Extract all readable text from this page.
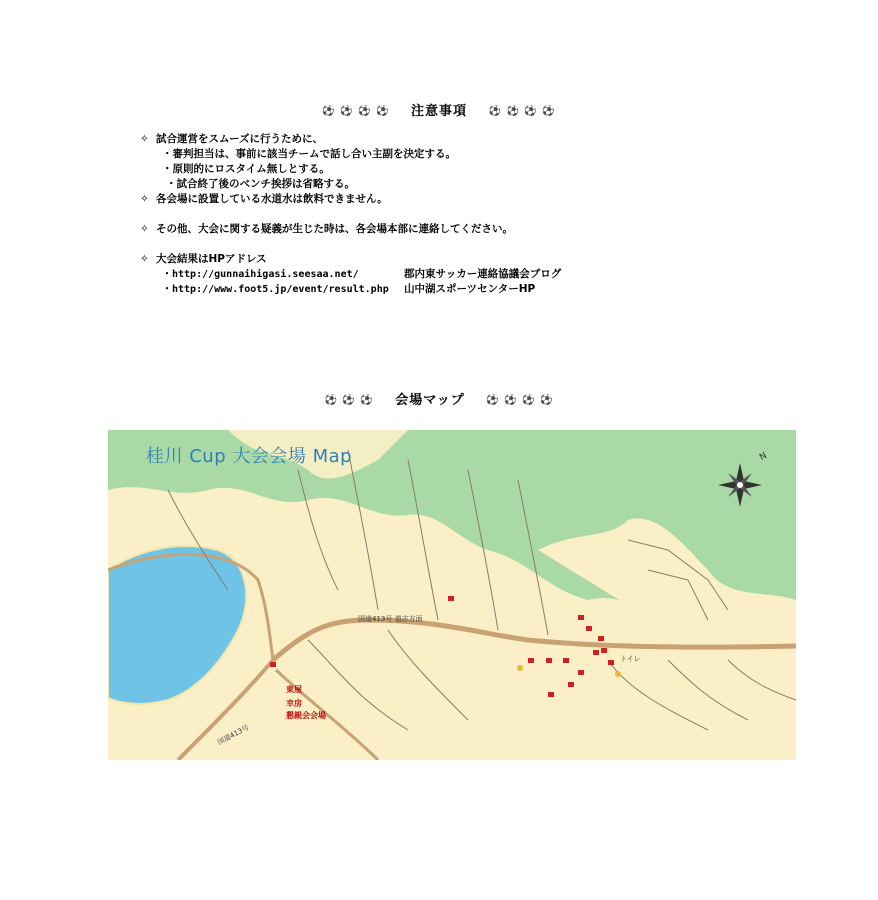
⚽ ⚽ ⚽ ⚽ 注意事項 ⚽ ⚽ ⚽ ⚽
✧ 試合運営をスムーズに行うために、
・審判担当は、事前に該当チームで話し合い主副を決定する。
・原則的にロスタイム無しとする。
・試合終了後のベンチ挨拶は省略する。
✧ 各会場に設置している水道水は飲料できません。
✧ その他、大会に関する疑義が生じた時は、各会場本部に連絡してください。
✧ 大会結果はHPアドレス
・http://gunnaihigasi.seesaa.net/	郡内東サッカー連絡協議会ブログ
・http://www.foot5.jp/event/result.php 山中湖スポーツセンターHP
⚽ ⚽ ⚽ 会場マップ ⚽ ⚽ ⚽ ⚽
桂川 Cup 大会会場 Map	N
東屋
幸房
懇親会会場
国道413号
国道413号 道志方面
トイレ
